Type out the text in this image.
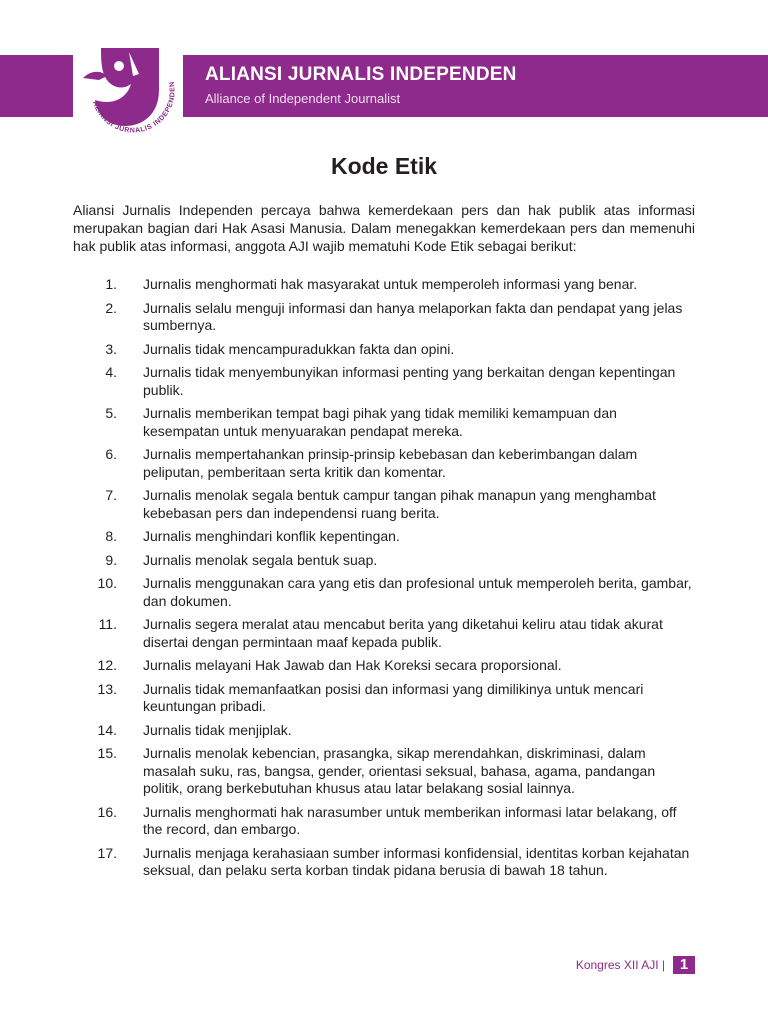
ALIANSI JURNALIS INDEPENDEN ALIANSI JURNALIS INDEPENDEN
Alliance of Independent Journalist
Kode Etik
Aliansi Jurnalis Independen percaya bahwa kemerdekaan pers dan hak publik atas informasi merupakan bagian dari Hak Asasi Manusia. Dalam menegakkan kemerdekaan pers dan memenuhi hak publik atas informasi, anggota AJI wajib mematuhi Kode Etik sebagai berikut:
1. Jurnalis menghormati hak masyarakat untuk memperoleh informasi yang benar.
2. Jurnalis selalu menguji informasi dan hanya melaporkan fakta dan pendapat yang jelas sumbernya.
3. Jurnalis tidak mencampuradukkan fakta dan opini.
4. Jurnalis tidak menyembunyikan informasi penting yang berkaitan dengan kepentingan publik.
5. Jurnalis memberikan tempat bagi pihak yang tidak memiliki kemampuan dan kesempatan untuk menyuarakan pendapat mereka.
6. Jurnalis mempertahankan prinsip-prinsip kebebasan dan keberimbangan dalam peliputan, pemberitaan serta kritik dan komentar.
7. Jurnalis menolak segala bentuk campur tangan pihak manapun yang menghambat kebebasan pers dan independensi ruang berita.
8. Jurnalis menghindari konflik kepentingan.
9. Jurnalis menolak segala bentuk suap.
10. Jurnalis menggunakan cara yang etis dan profesional untuk memperoleh berita, gambar, dan dokumen.
11. Jurnalis segera meralat atau mencabut berita yang diketahui keliru atau tidak akurat disertai dengan permintaan maaf kepada publik.
12. Jurnalis melayani Hak Jawab dan Hak Koreksi secara proporsional.
13. Jurnalis tidak memanfaatkan posisi dan informasi yang dimilikinya untuk mencari keuntungan pribadi.
14. Jurnalis tidak menjiplak.
15. Jurnalis menolak kebencian, prasangka, sikap merendahkan, diskriminasi, dalam masalah suku, ras, bangsa, gender, orientasi seksual, bahasa, agama, pandangan politik, orang berkebutuhan khusus atau latar belakang sosial lainnya.
16. Jurnalis menghormati hak narasumber untuk memberikan informasi latar belakang, off the record, dan embargo.
17. Jurnalis menjaga kerahasiaan sumber informasi konfidensial, identitas korban kejahatan seksual, dan pelaku serta korban tindak pidana berusia di bawah 18 tahun.
Kongres XII AJI | 1
